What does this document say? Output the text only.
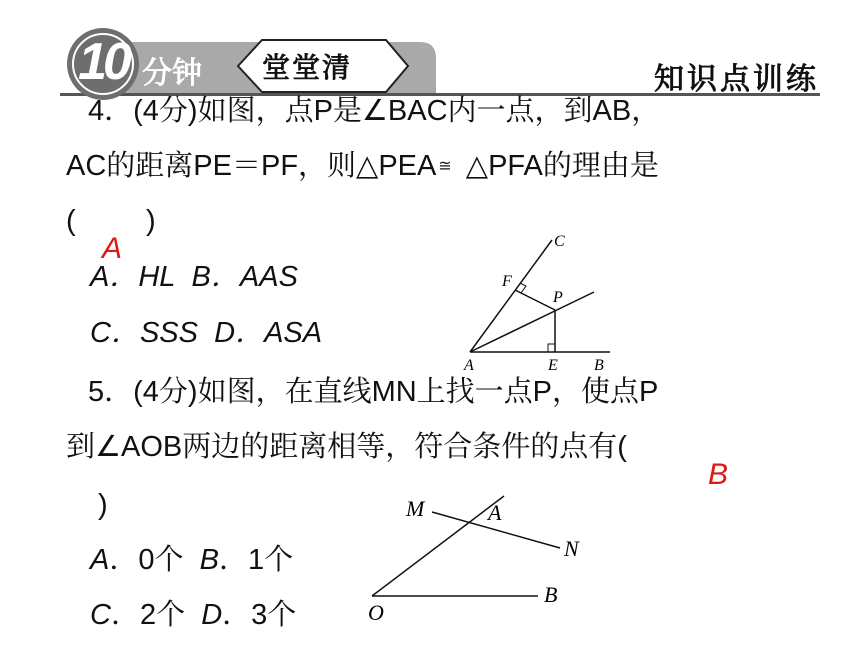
10 分钟 堂堂清	知识点训练
4．(4分)如图，点P是∠BAC内一点，到AB，
AC的距离PE＝PF，则△PEA ≅ △PFA的理由是
( )
A
A．HL B．AAS
C．SSS D．ASA
C
F
P
A	E B
5．(4分)如图，在直线MN上找一点P，使点P
到∠AOB两边的距离相等，符合条件的点有(
B
)
A．0个 B．1个
C．2个 D．3个
M	A
N
O
B
